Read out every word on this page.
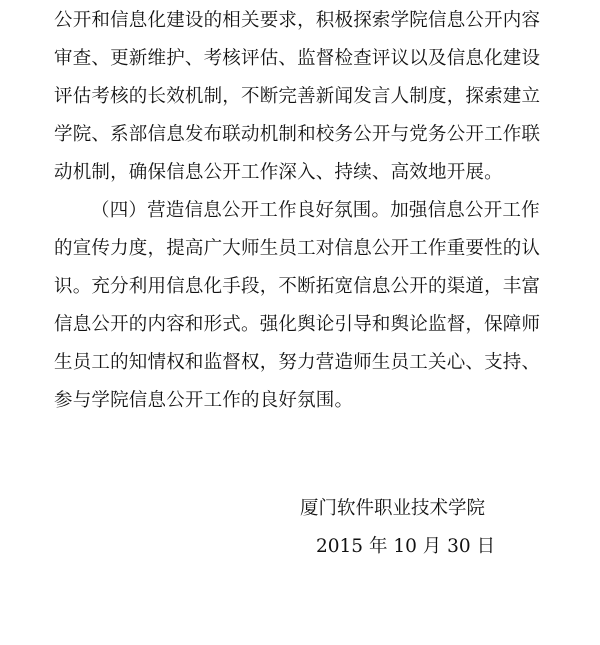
公开和信息化建设的相关要求，积极探索学院信息公开内容
审查、更新维护、考核评估、监督检查评议以及信息化建设
评估考核的长效机制，不断完善新闻发言人制度，探索建立
学院、系部信息发布联动机制和校务公开与党务公开工作联
动机制，确保信息公开工作深入、持续、高效地开展。
（四）营造信息公开工作良好氛围。加强信息公开工作
的宣传力度，提高广大师生员工对信息公开工作重要性的认
识。充分利用信息化手段，不断拓宽信息公开的渠道，丰富
信息公开的内容和形式。强化舆论引导和舆论监督，保障师
生员工的知情权和监督权，努力营造师生员工关心、支持、
参与学院信息公开工作的良好氛围。
厦门软件职业技术学院
2015 年 10 月 30 日
